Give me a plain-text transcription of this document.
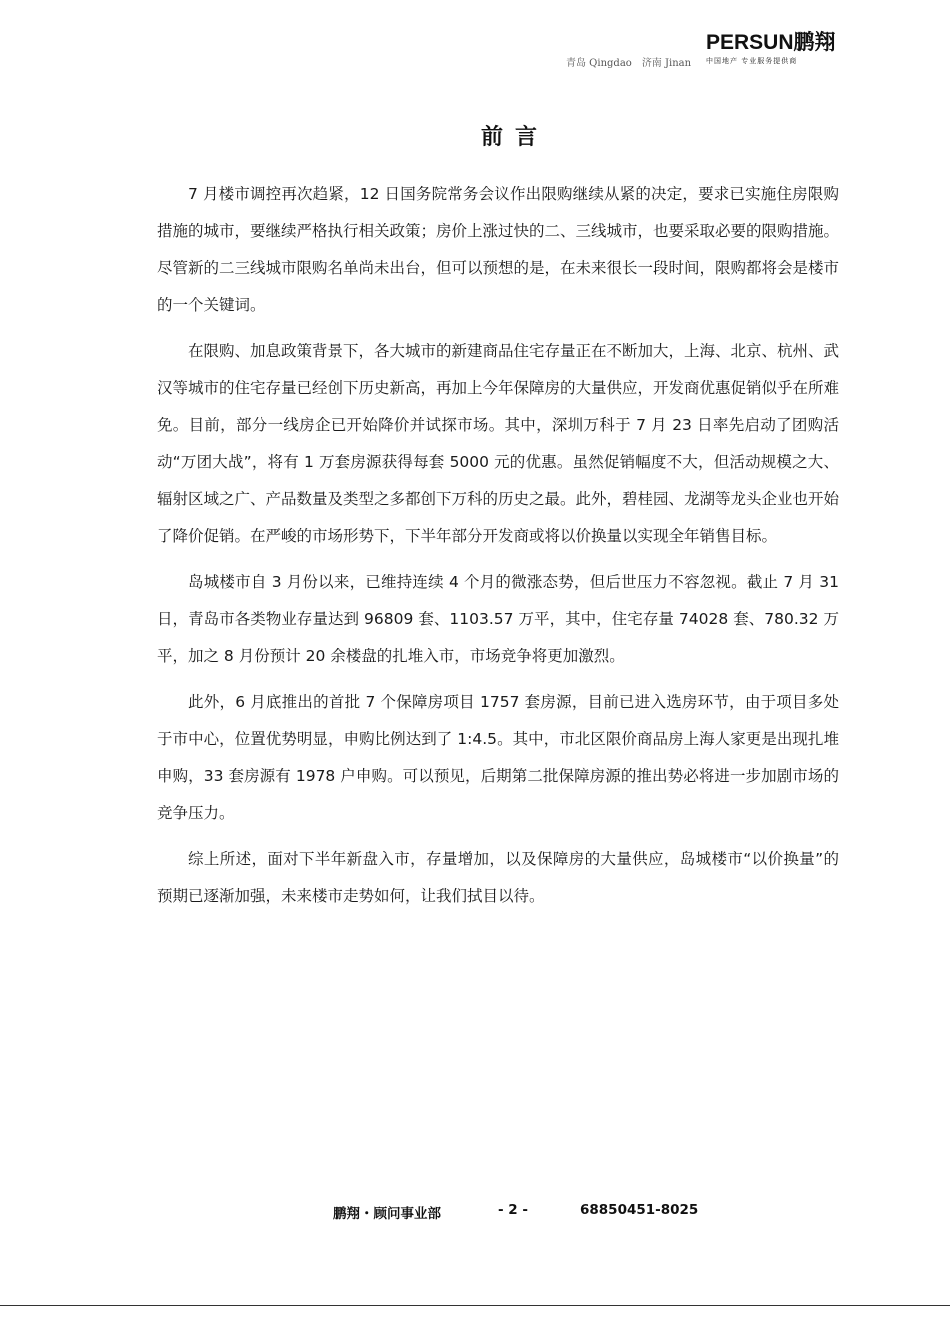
青岛 Qingdao 济南 Jinan
PERSUN鹏翔
中国地产 专业服务提供商
前言

7 月楼市调控再次趋紧，12 日国务院常务会议作出限购继续从紧的决定，要求已实施住房限购措施的城市，要继续严格执行相关政策；房价上涨过快的二、三线城市，也要采取必要的限购措施。尽管新的二三线城市限购名单尚未出台，但可以预想的是，在未来很长一段时间，限购都将会是楼市的一个关键词。

在限购、加息政策背景下，各大城市的新建商品住宅存量正在不断加大，上海、北京、杭州、武汉等城市的住宅存量已经创下历史新高，再加上今年保障房的大量供应，开发商优惠促销似乎在所难免。目前，部分一线房企已开始降价并试探市场。其中，深圳万科于 7 月 23 日率先启动了团购活动“万团大战”，将有 1 万套房源获得每套 5000 元的优惠。虽然促销幅度不大，但活动规模之大、辐射区域之广、产品数量及类型之多都创下万科的历史之最。此外，碧桂园、龙湖等龙头企业也开始了降价促销。在严峻的市场形势下，下半年部分开发商或将以价换量以实现全年销售目标。

岛城楼市自 3 月份以来，已维持连续 4 个月的微涨态势，但后世压力不容忽视。截止 7 月 31 日，青岛市各类物业存量达到 96809 套、1103.57 万平，其中，住宅存量 74028 套、780.32 万平，加之 8 月份预计 20 余楼盘的扎堆入市，市场竞争将更加激烈。

此外，6 月底推出的首批 7 个保障房项目 1757 套房源，目前已进入选房环节，由于项目多处于市中心，位置优势明显，申购比例达到了 1:4.5。其中，市北区限价商品房上海人家更是出现扎堆申购，33 套房源有 1978 户申购。可以预见，后期第二批保障房源的推出势必将进一步加剧市场的竞争压力。

综上所述，面对下半年新盘入市，存量增加，以及保障房的大量供应，岛城楼市“以价换量”的预期已逐渐加强，未来楼市走势如何，让我们拭目以待。

鹏翔・顾问事业部	- 2 -	68850451-8025
